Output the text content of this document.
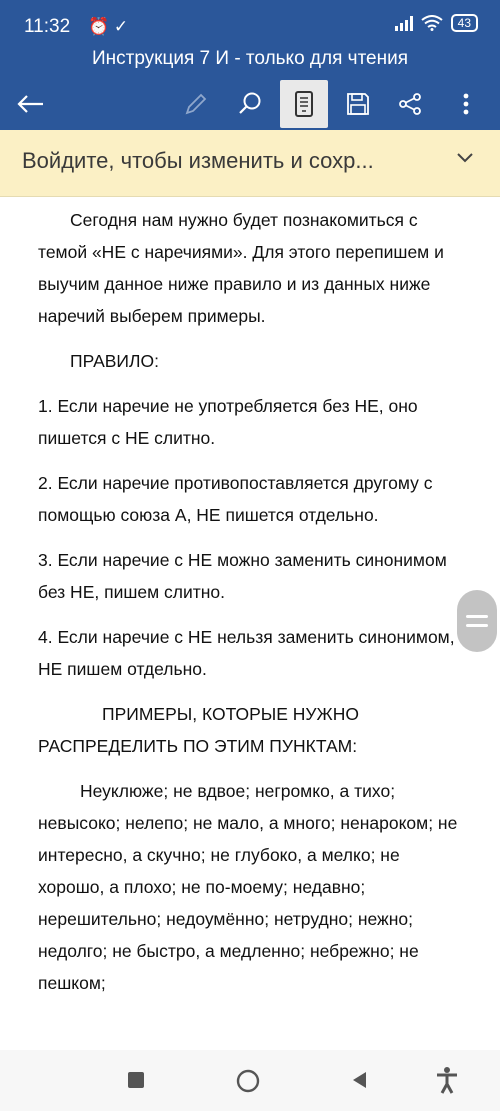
11:32 ⏰ ✓	43
Инструкция 7 И - только для чтения
Войдите, чтобы изменить и сохр...

Сегодня нам нужно будет познакомиться с темой «НЕ с наречиями». Для этого перепишем и выучим данное ниже правило и из данных ниже наречий выберем примеры.

ПРАВИЛО:

1. Если наречие не употребляется без НЕ, оно пишется с НЕ слитно.

2. Если наречие противопоставляется другому с помощью союза А, НЕ пишется отдельно.

3. Если наречие с НЕ можно заменить синонимом без НЕ, пишем слитно.

4. Если наречие с НЕ нельзя заменить синонимом, НЕ пишем отдельно.

ПРИМЕРЫ, КОТОРЫЕ НУЖНО РАСПРЕДЕЛИТЬ ПО ЭТИМ ПУНКТАМ:

Неуклюже; не вдвое; негромко, а тихо; невысоко; нелепо; не мало, а много; ненароком; не интересно, а скучно; не глубоко, а мелко; не хорошо, а плохо; не по-моему; недавно; нерешительно; недоумённо; нетрудно; нежно; недолго; не быстро, а медленно; небрежно; не пешком;
